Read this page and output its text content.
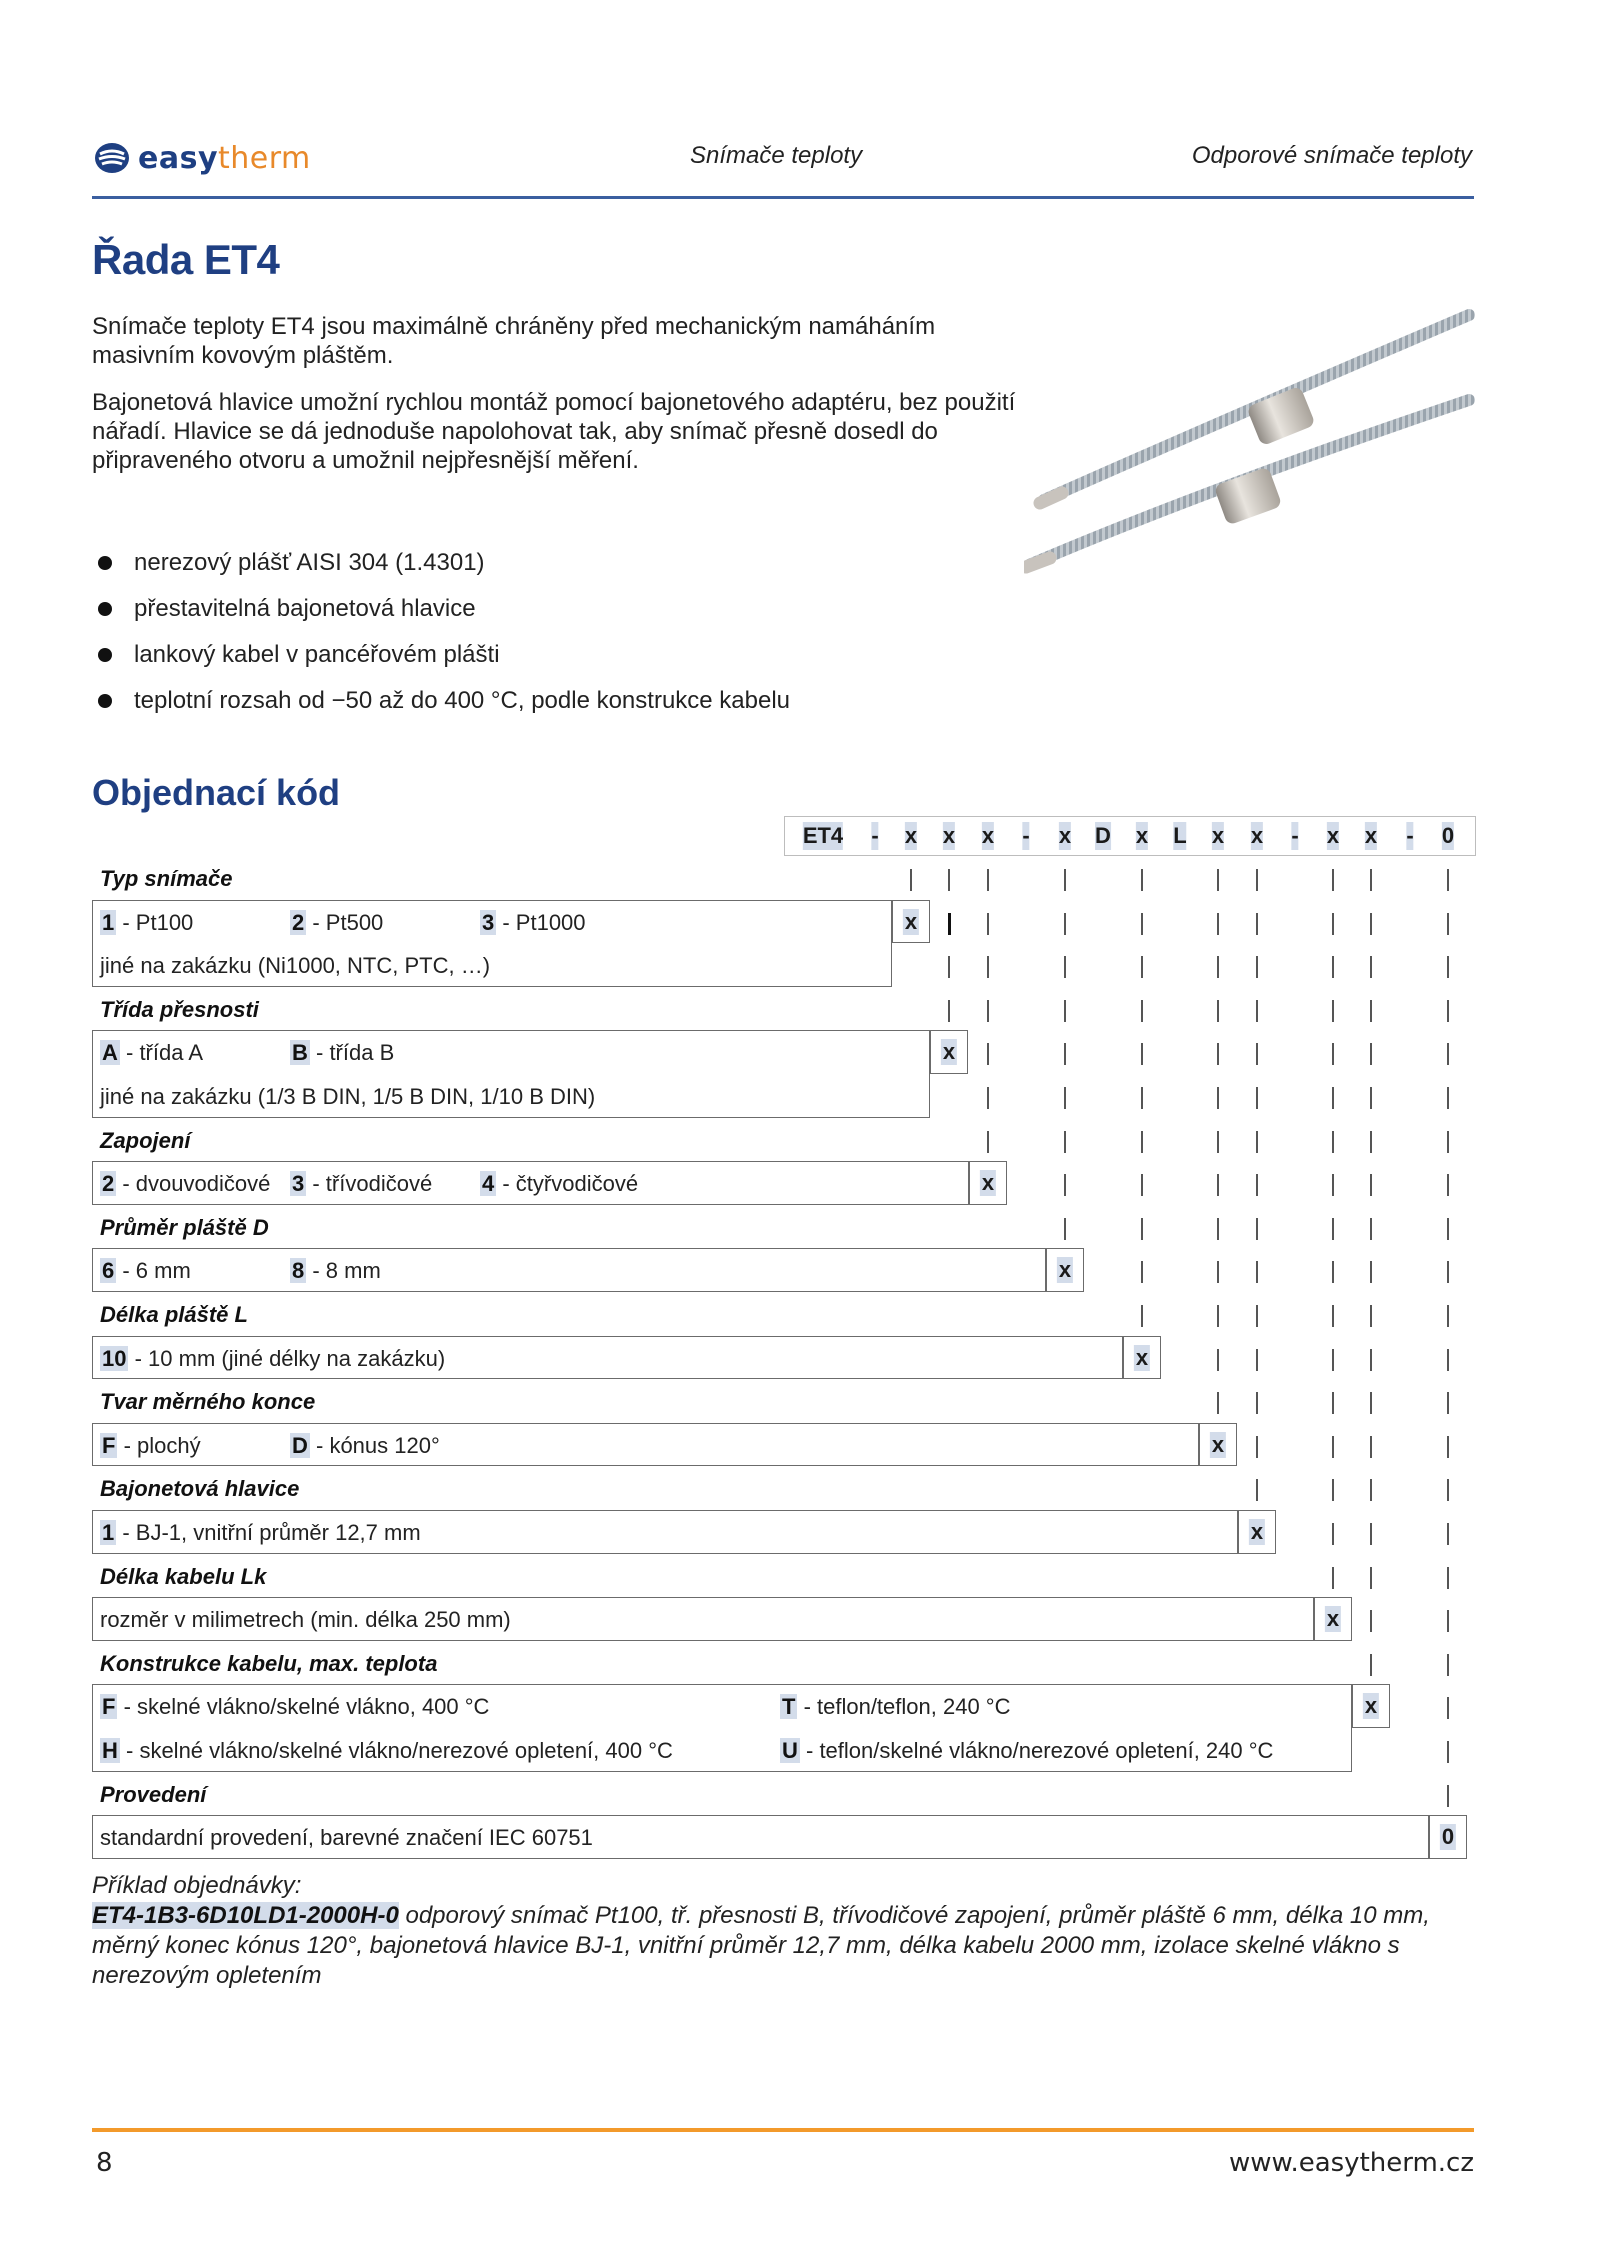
easy therm	Snímače teploty	Odporové snímače teploty
Řada ET4

Snímače teploty ET4 jsou maximálně chráněny před mechanickým namáháním masivním kovovým pláštěm.

Bajonetová hlavice umožní rychlou montáž pomocí bajonetového adaptéru, bez použití nářadí. Hlavice se dá jednoduše napolohovat tak, aby snímač přesně dosedl do připraveného otvoru a umožnil nejpřesnější měření.

nerezový plášť AISI 304 (1.4301)
přestavitelná bajonetová hlavice
lankový kabel v pancéřovém plášti
teplotní rozsah od −50 až do 400 °C, podle konstrukce kabelu
Objednací kód
ET4 - x x x - x D x L x x - x x - 0
Typ snímače
x
1 - Pt100	2 - Pt500	3 - Pt1000
jiné na zakázku (Ni1000, NTC, PTC, …)
Třída přesnosti
x
A - třída A	B - třída B
jiné na zakázku (1/3 B DIN, 1/5 B DIN, 1/10 B DIN)
Zapojení
x
2 - dvouvodičové 3 - třívodičové 4 - čtyřvodičové
Průměr pláště D
x
6 - 6 mm	8 - 8 mm
Délka pláště L
x
10 - 10 mm (jiné délky na zakázku)
Tvar měrného konce
x
F - plochý	D - kónus 120°
Bajonetová hlavice
x
1 - BJ-1, vnitřní průměr 12,7 mm
Délka kabelu Lk
x
rozměr v milimetrech (min. délka 250 mm)
Konstrukce kabelu, max. teplota
x
F - skelné vlákno/skelné vlákno, 400 °C	T - teflon/teflon, 240 °C
H - skelné vlákno/skelné vlákno/nerezové opletení, 400 °C	U - teflon/skelné vlákno/nerezové opletení, 240 °C
Provedení
0
standardní provedení, barevné značení IEC 60751
Příklad objednávky:
ET4-1B3-6D10LD1-2000H-0 odporový snímač Pt100, tř. přesnosti B, třívodičové zapojení, průměr pláště 6 mm, délka 10 mm, měrný konec kónus 120°, bajonetová hlavice BJ-1, vnitřní průměr 12,7 mm, délka kabelu 2000 mm, izolace skelné vlákno s nerezovým opletením
8	www.easytherm.cz
